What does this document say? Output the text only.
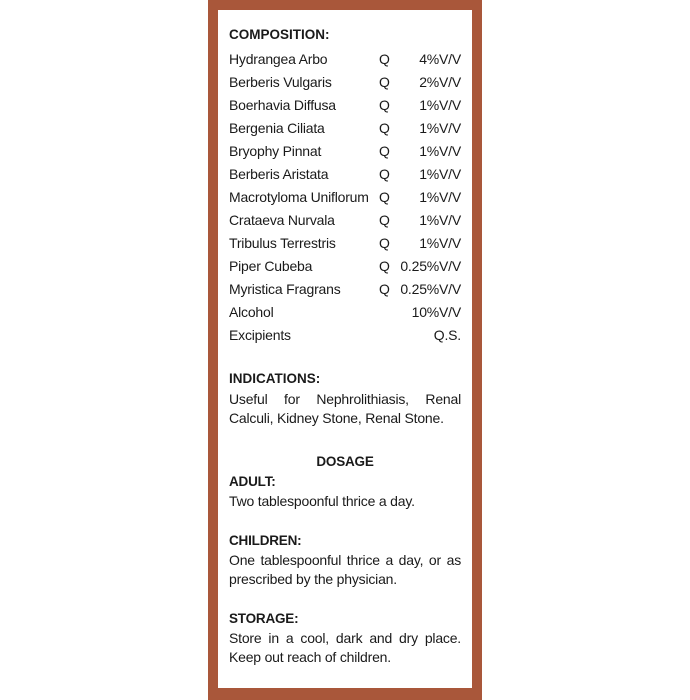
COMPOSITION:
Hydrangea Arbo	Q	4%V/V
Berberis Vulgaris	Q	2%V/V
Boerhavia Diffusa	Q	1%V/V
Bergenia Ciliata	Q	1%V/V
Bryophy Pinnat	Q	1%V/V
Berberis Aristata	Q	1%V/V
Macrotyloma Uniflorum Q	1%V/V
Crataeva Nurvala	Q	1%V/V
Tribulus Terrestris	Q	1%V/V
Piper Cubeba	Q 0.25%V/V
Myristica Fragrans	Q 0.25%V/V
Alcohol	10%V/V
Excipients	Q.S.
INDICATIONS:
Useful for Nephrolithiasis, Renal Calculi, Kidney Stone, Renal Stone.
DOSAGE
ADULT:
Two tablespoonful thrice a day.
CHILDREN:
One tablespoonful thrice a day, or as prescribed by the physician.
STORAGE:
Store in a cool, dark and dry place. Keep out reach of children.
